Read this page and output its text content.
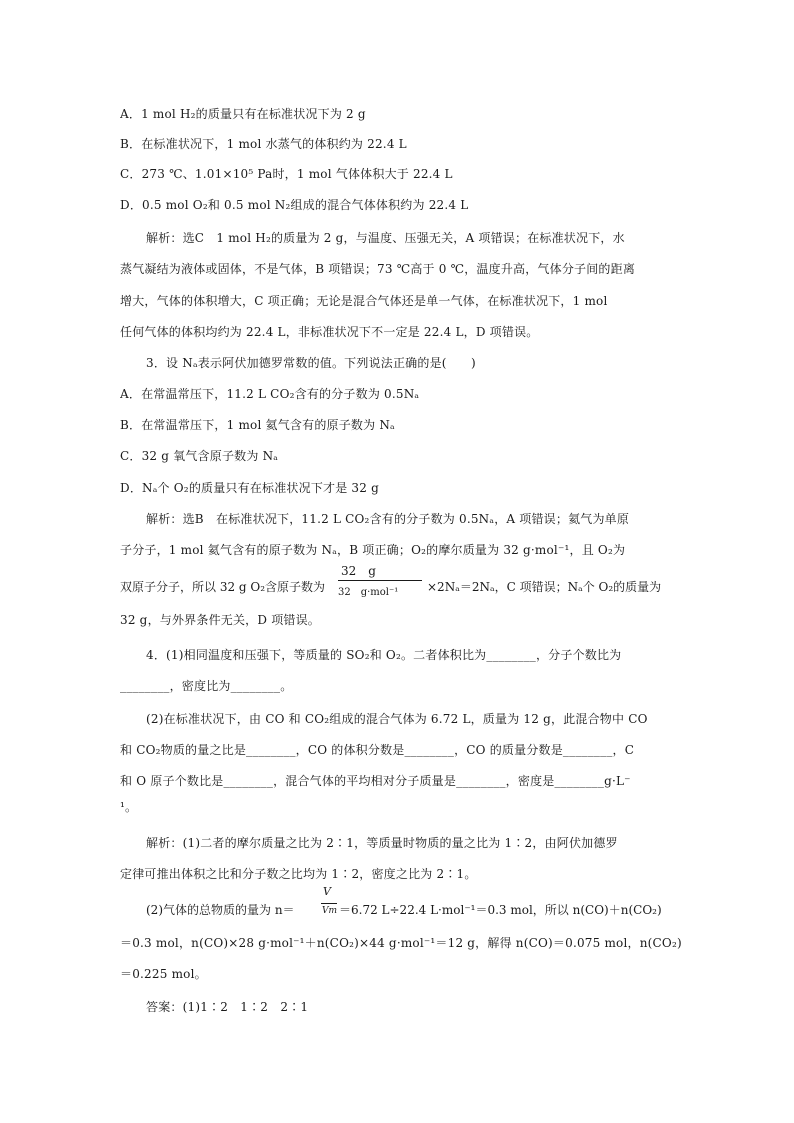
A．1 mol H₂的质量只有在标准状况下为 2 g
B．在标准状况下，1 mol 水蒸气的体积约为 22.4 L
C．273 ℃、1.01×10⁵ Pa时，1 mol 气体体积大于 22.4 L
D．0.5 mol O₂和 0.5 mol N₂组成的混合气体体积约为 22.4 L
解析：选C　1 mol H₂的质量为 2 g，与温度、压强无关，A 项错误；在标准状况下，水
蒸气凝结为液体或固体，不是气体，B 项错误；73 ℃高于 0 ℃，温度升高，气体分子间的距离
增大，气体的体积增大，C 项正确；无论是混合气体还是单一气体，在标准状况下，1 mol
任何气体的体积均约为 22.4 L，非标准状况下不一定是 22.4 L，D 项错误。
3．设 Nₐ表示阿伏加德罗常数的值。下列说法正确的是(　　)
A．在常温常压下，11.2 L CO₂含有的分子数为 0.5Nₐ
B．在常温常压下，1 mol 氦气含有的原子数为 Nₐ
C．32 g 氧气含原子数为 Nₐ
D．Nₐ个 O₂的质量只有在标准状况下才是 32 g
解析：选B　在标准状况下，11.2 L CO₂含有的分子数为 0.5Nₐ，A 项错误；氦气为单原
子分子，1 mol 氦气含有的原子数为 Nₐ，B 项正确；O₂的摩尔质量为 32 g·mol⁻¹，且 O₂为
双原子分子，所以 32 g O₂含原子数为
32　g
32　g·mol⁻¹ ×2Nₐ＝2Nₐ，C 项错误；Nₐ个 O₂的质量为
32 g，与外界条件无关，D 项错误。
4．(1)相同温度和压强下，等质量的 SO₂和 O₂。二者体积比为________，分子个数比为
________，密度比为________。
(2)在标准状况下，由 CO 和 CO₂组成的混合气体为 6.72 L，质量为 12 g，此混合物中 CO
和 CO₂物质的量之比是________，CO 的体积分数是________，CO 的质量分数是________，C
和 O 原子个数比是________，混合气体的平均相对分子质量是________，密度是________g·L⁻
¹。
解析：(1)二者的摩尔质量之比为 2∶1，等质量时物质的量之比为 1∶2，由阿伏加德罗
定律可推出体积之比和分子数之比均为 1∶2，密度之比为 2∶1。
(2)气体的总物质的量为 n＝
V
Vm ＝6.72 L÷22.4 L·mol⁻¹＝0.3 mol，所以 n(CO)＋n(CO₂)
＝0.3 mol，n(CO)×28 g·mol⁻¹＋n(CO₂)×44 g·mol⁻¹＝12 g，解得 n(CO)＝0.075 mol，n(CO₂)
＝0.225 mol。
答案：(1)1∶2　1∶2　2∶1
